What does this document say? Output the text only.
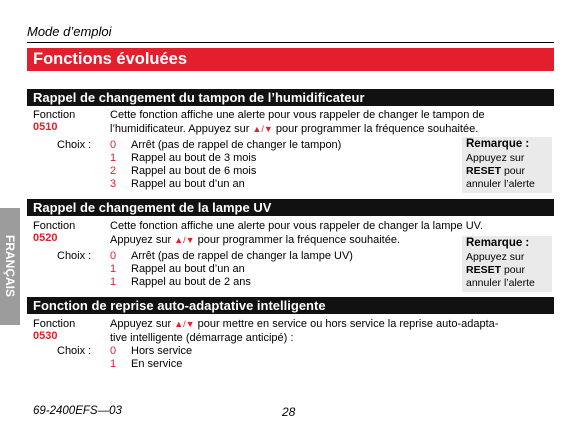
Mode d’emploi
Fonctions évoluées
FRANÇAIS
Rappel de changement du tampon de l’humidificateur
Fonction
0510
Cette fonction affiche une alerte pour vous rappeler de changer le tampon de
l’humidificateur. Appuyez sur ▲/▼ pour programmer la fréquence souhaitée.
Choix : 0 Arrêt (pas de rappel de changer le tampon)
1 Rappel au bout de 3 mois
2 Rappel au bout de 6 mois
3 Rappel au bout d’un an
Remarque :
Appuyez sur
RESET pour
annuler l’alerte
Rappel de changement de la lampe UV
Fonction
0520
Cette fonction affiche une alerte pour vous rappeler de changer la lampe UV.
Appuyez sur ▲/▼ pour programmer la fréquence souhaitée.
Choix : 0 Arrêt (pas de rappel de changer la lampe UV)
1 Rappel au bout d’un an
1 Rappel au bout de 2 ans
Remarque :
Appuyez sur
RESET pour
annuler l’alerte
Fonction de reprise auto-adaptative intelligente
Fonction
0530
Appuyez sur ▲/▼ pour mettre en service ou hors service la reprise auto-adapta-
tive intelligente (démarrage anticipé) :
Choix : 0 Hors service
1 En service
69-2400EFS—03	28
